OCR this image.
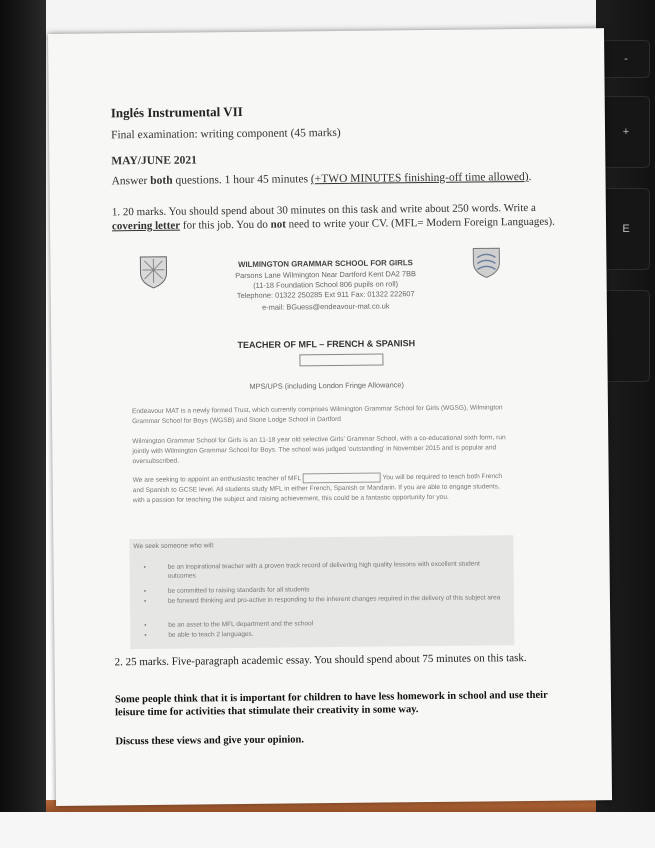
-
+
E
Inglés Instrumental VII
Final examination: writing component (45 marks)
MAY/JUNE 2021
Answer both questions. 1 hour 45 minutes (+TWO MINUTES finishing-off time allowed).
1. 20 marks. You should spend about 30 minutes on this task and write about 250 words. Write a covering letter for this job. You do not need to write your CV. (MFL= Modern Foreign Languages).
WILMINGTON GRAMMAR SCHOOL FOR GIRLS
Parsons Lane Wilmington Near Dartford Kent DA2 7BB
(11-18 Foundation School 806 pupils on roll)
Telephone: 01322 250285 Ext 911 Fax: 01322 222607
e-mail: BGuess@endeavour-mat.co.uk
TEACHER OF MFL – FRENCH & SPANISH
MPS/UPS (including London Fringe Allowance)
Endeavour MAT is a newly formed Trust, which currently comprises Wilmington Grammar School for Girls (WGSG), Wilmington Grammar School for Boys (WGSB) and Stone Lodge School in Dartford
Wilmington Grammar School for Girls is an 11-18 year old selective Girls' Grammar School, with a co-educational sixth form, run jointly with Wilmington Grammar School for Boys. The school was judged 'outstanding' in November 2015 and is popular and oversubscribed.
We are seeking to appoint an enthusiastic teacher of MFL	You will be required to teach both French and Spanish to GCSE level. All students study MFL in either French, Spanish or Mandarin. If you are able to engage students, with a passion for teaching the subject and raising achievement, this could be a fantastic opportunity for you.
We seek someone who will:
•	be an inspirational teacher with a proven track record of delivering high quality lessons with excellent student outcomes
•	be committed to raising standards for all students
•	be forward thinking and pro-active in responding to the inherent changes required in the delivery of this subject area
•	be an asset to the MFL department and the school
•	be able to teach 2 languages.
2. 25 marks. Five-paragraph academic essay. You should spend about 75 minutes on this task.
Some people think that it is important for children to have less homework in school and use their leisure time for activities that stimulate their creativity in some way.
Discuss these views and give your opinion.
